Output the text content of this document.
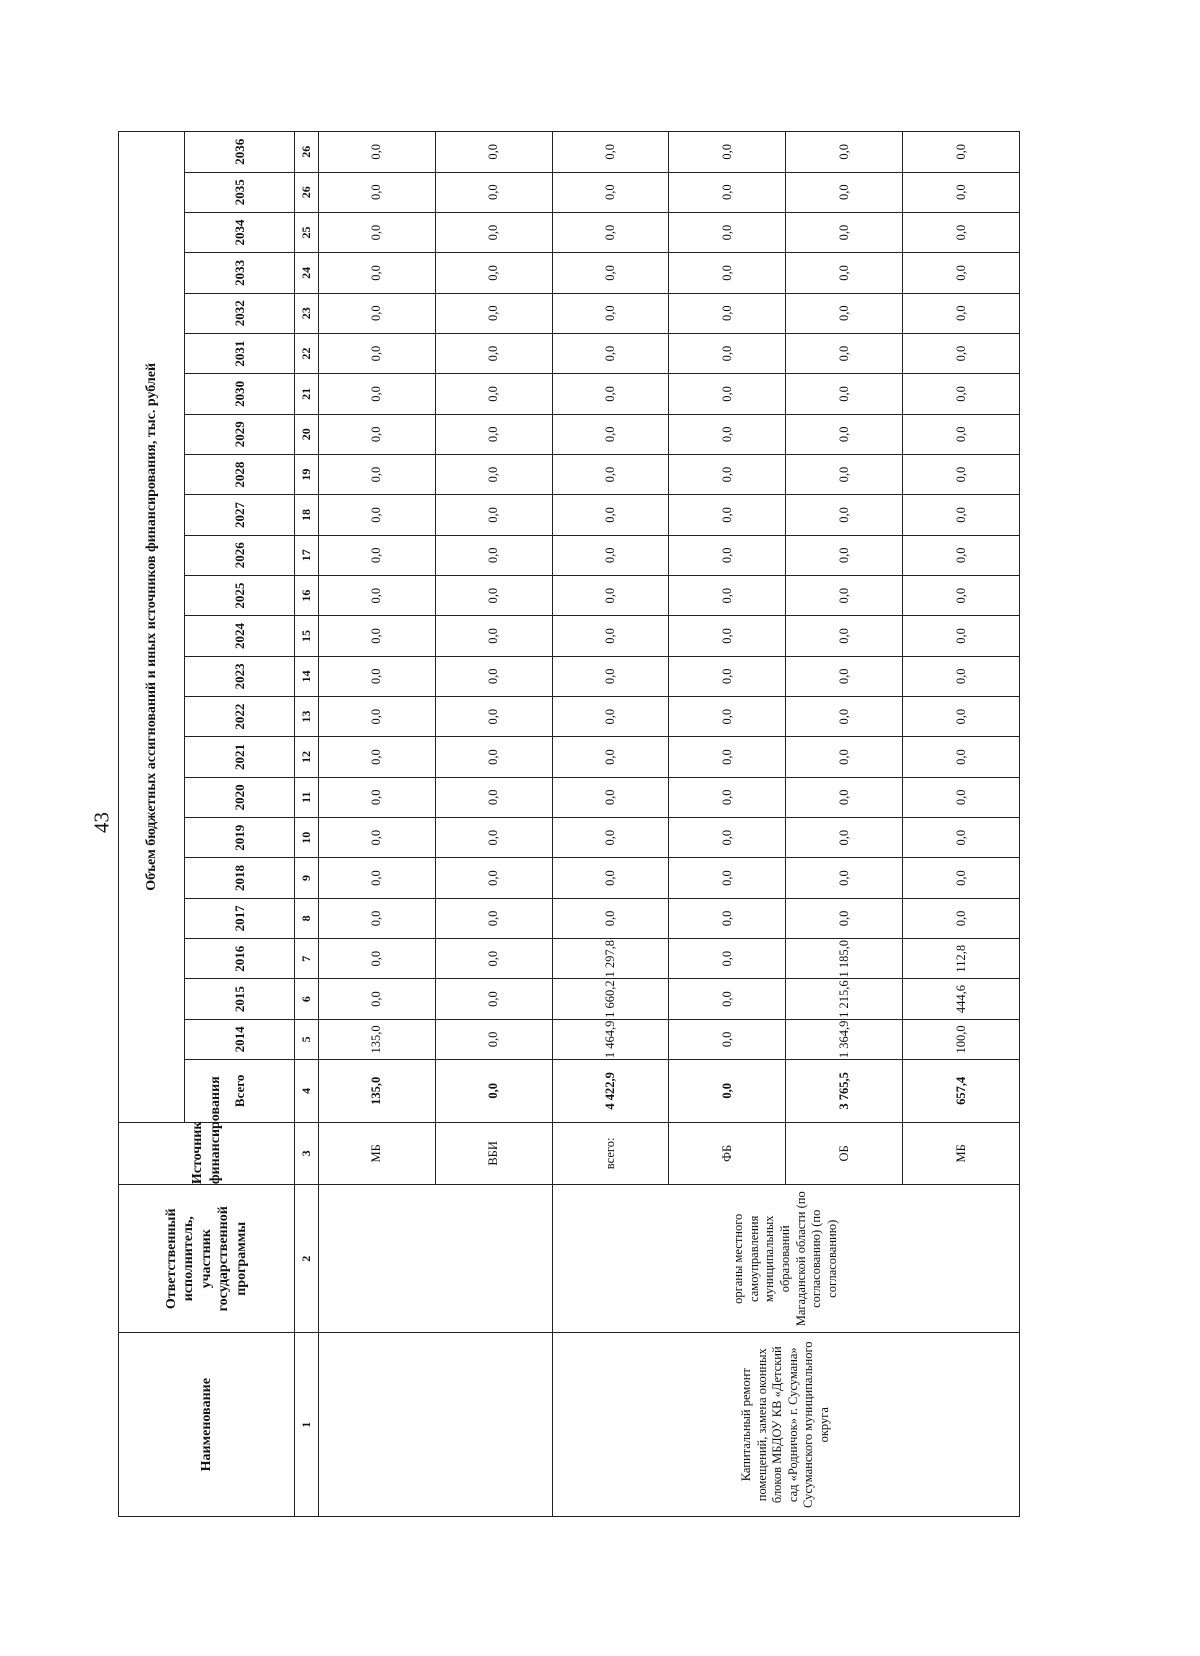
43
Наименование	Ответственный исполнитель, участник государственной программы	Источник финансирования	Объем бюджетных ассигнований и иных источников финансирования, тыс. рублей																							
			Всего	2014	2015	2016	2017	2018	2019	2020	2021	2022	2023	2024	2025	2026	2027	2028	2029	2030	2031	2032	2033	2034	2035	2036
1	2	3	4	5	6	7	8	9	10	11	12	13	14	15	16	17	18	19	20	21	22	23	24	25	26	26
		МБ	135,0	135,0	0,0	0,0	0,0	0,0	0,0	0,0	0,0	0,0	0,0	0,0	0,0	0,0	0,0	0,0	0,0	0,0	0,0	0,0	0,0	0,0	0,0	0,0
		ВБИ	0,0	0,0	0,0	0,0	0,0	0,0	0,0	0,0	0,0	0,0	0,0	0,0	0,0	0,0	0,0	0,0	0,0	0,0	0,0	0,0	0,0	0,0	0,0	0,0
Капитальный ремонт помещений, замена оконных блоков МБДОУ КВ «Детский сад «Родничок» г. Сусумана» Сусуманского муниципального округа	органы местного самоуправления муниципальных образований Магаданской области (по согласованию) (по согласованию)	всего:	4 422,9	1 464,9	1 660,2	1 297,8	0,0	0,0	0,0	0,0	0,0	0,0	0,0	0,0	0,0	0,0	0,0	0,0	0,0	0,0	0,0	0,0	0,0	0,0	0,0	0,0
		ФБ	0,0	0,0	0,0	0,0	0,0	0,0	0,0	0,0	0,0	0,0	0,0	0,0	0,0	0,0	0,0	0,0	0,0	0,0	0,0	0,0	0,0	0,0	0,0	0,0
		ОБ	3 765,5	1 364,9	1 215,6	1 185,0	0,0	0,0	0,0	0,0	0,0	0,0	0,0	0,0	0,0	0,0	0,0	0,0	0,0	0,0	0,0	0,0	0,0	0,0	0,0	0,0
		МБ	657,4	100,0	444,6	112,8	0,0	0,0	0,0	0,0	0,0	0,0	0,0	0,0	0,0	0,0	0,0	0,0	0,0	0,0	0,0	0,0	0,0	0,0	0,0	0,0
